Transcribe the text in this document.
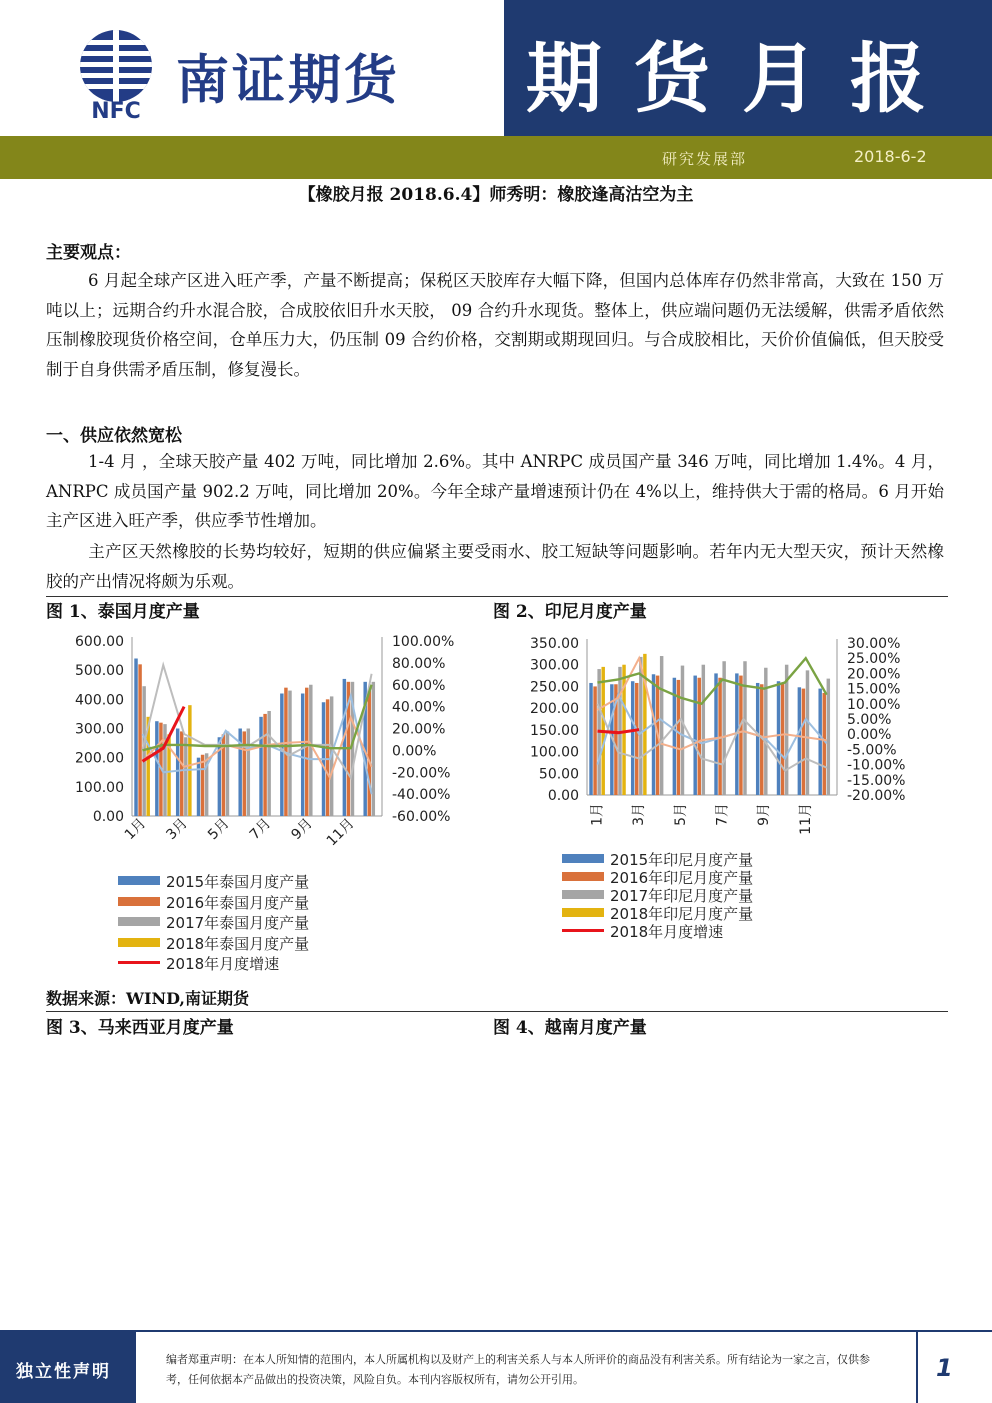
NFC
南证期货 期货月报
研究发展部	2018-6-2
【橡胶月报 2018.6.4】师秀明：橡胶逢高沽空为主
主要观点：
6 月起全球产区进入旺产季，产量不断提高；保税区天胶库存大幅下降，但国内总体库存仍然非常高，大致在 150 万吨以上；远期合约升水混合胶，合成胶依旧升水天胶， 09 合约升水现货。整体上，供应端问题仍无法缓解，供需矛盾依然压制橡胶现货价格空间，仓单压力大，仍压制 09 合约价格，交割期或期现回归。与合成胶相比，天价价值偏低，但天胶受制于自身供需矛盾压制，修复漫长。
一、供应依然宽松
1-4 月 ，全球天胶产量 402 万吨，同比增加 2.6%。其中 ANRPC 成员国产量 346 万吨，同比增加 1.4%。4 月， ANRPC 成员国产量 902.2 万吨，同比增加 20%。今年全球产量增速预计仍在 4%以上，维持供大于需的格局。6 月开始主产区进入旺产季，供应季节性增加。
主产区天然橡胶的长势均较好，短期的供应偏紧主要受雨水、胶工短缺等问题影响。若年内无大型天灾，预计天然橡胶的产出情况将颇为乐观。
图 1、泰国月度产量	图 2、印尼月度产量
600.00
500.00
400.00
300.00
200.00
100.00
0.00
100.00%
80.00%
60.00%
40.00%
20.00%
0.00%
-20.00%
-40.00%
-60.00%
1月 3月 5月 7月 9月 11月
350.00
300.00
250.00
200.00
150.00
100.00
50.00
0.00
30.00%
25.00%
20.00%
15.00%
10.00%
5.00%
0.00%
-5.00%
-10.00%
-15.00%
-20.00%
1月 3月 5月 7月 9月 11月
2015年泰国月度产量
2016年泰国月度产量
2017年泰国月度产量
2018年泰国月度产量
2018年月度增速
2015年印尼月度产量
2016年印尼月度产量
2017年印尼月度产量
2018年印尼月度产量
2018年月度增速
数据来源：WIND,南证期货
图 3、马来西亚月度产量	图 4、越南月度产量
独立性声明
编者郑重声明：在本人所知情的范围内，本人所属机构以及财产上的利害关系人与本人所评价的商品没有利害关系。所有结论为一家之言，仅供参考，任何依据本产品做出的投资决策，风险自负。本刊内容版权所有，请勿公开引用。	1
